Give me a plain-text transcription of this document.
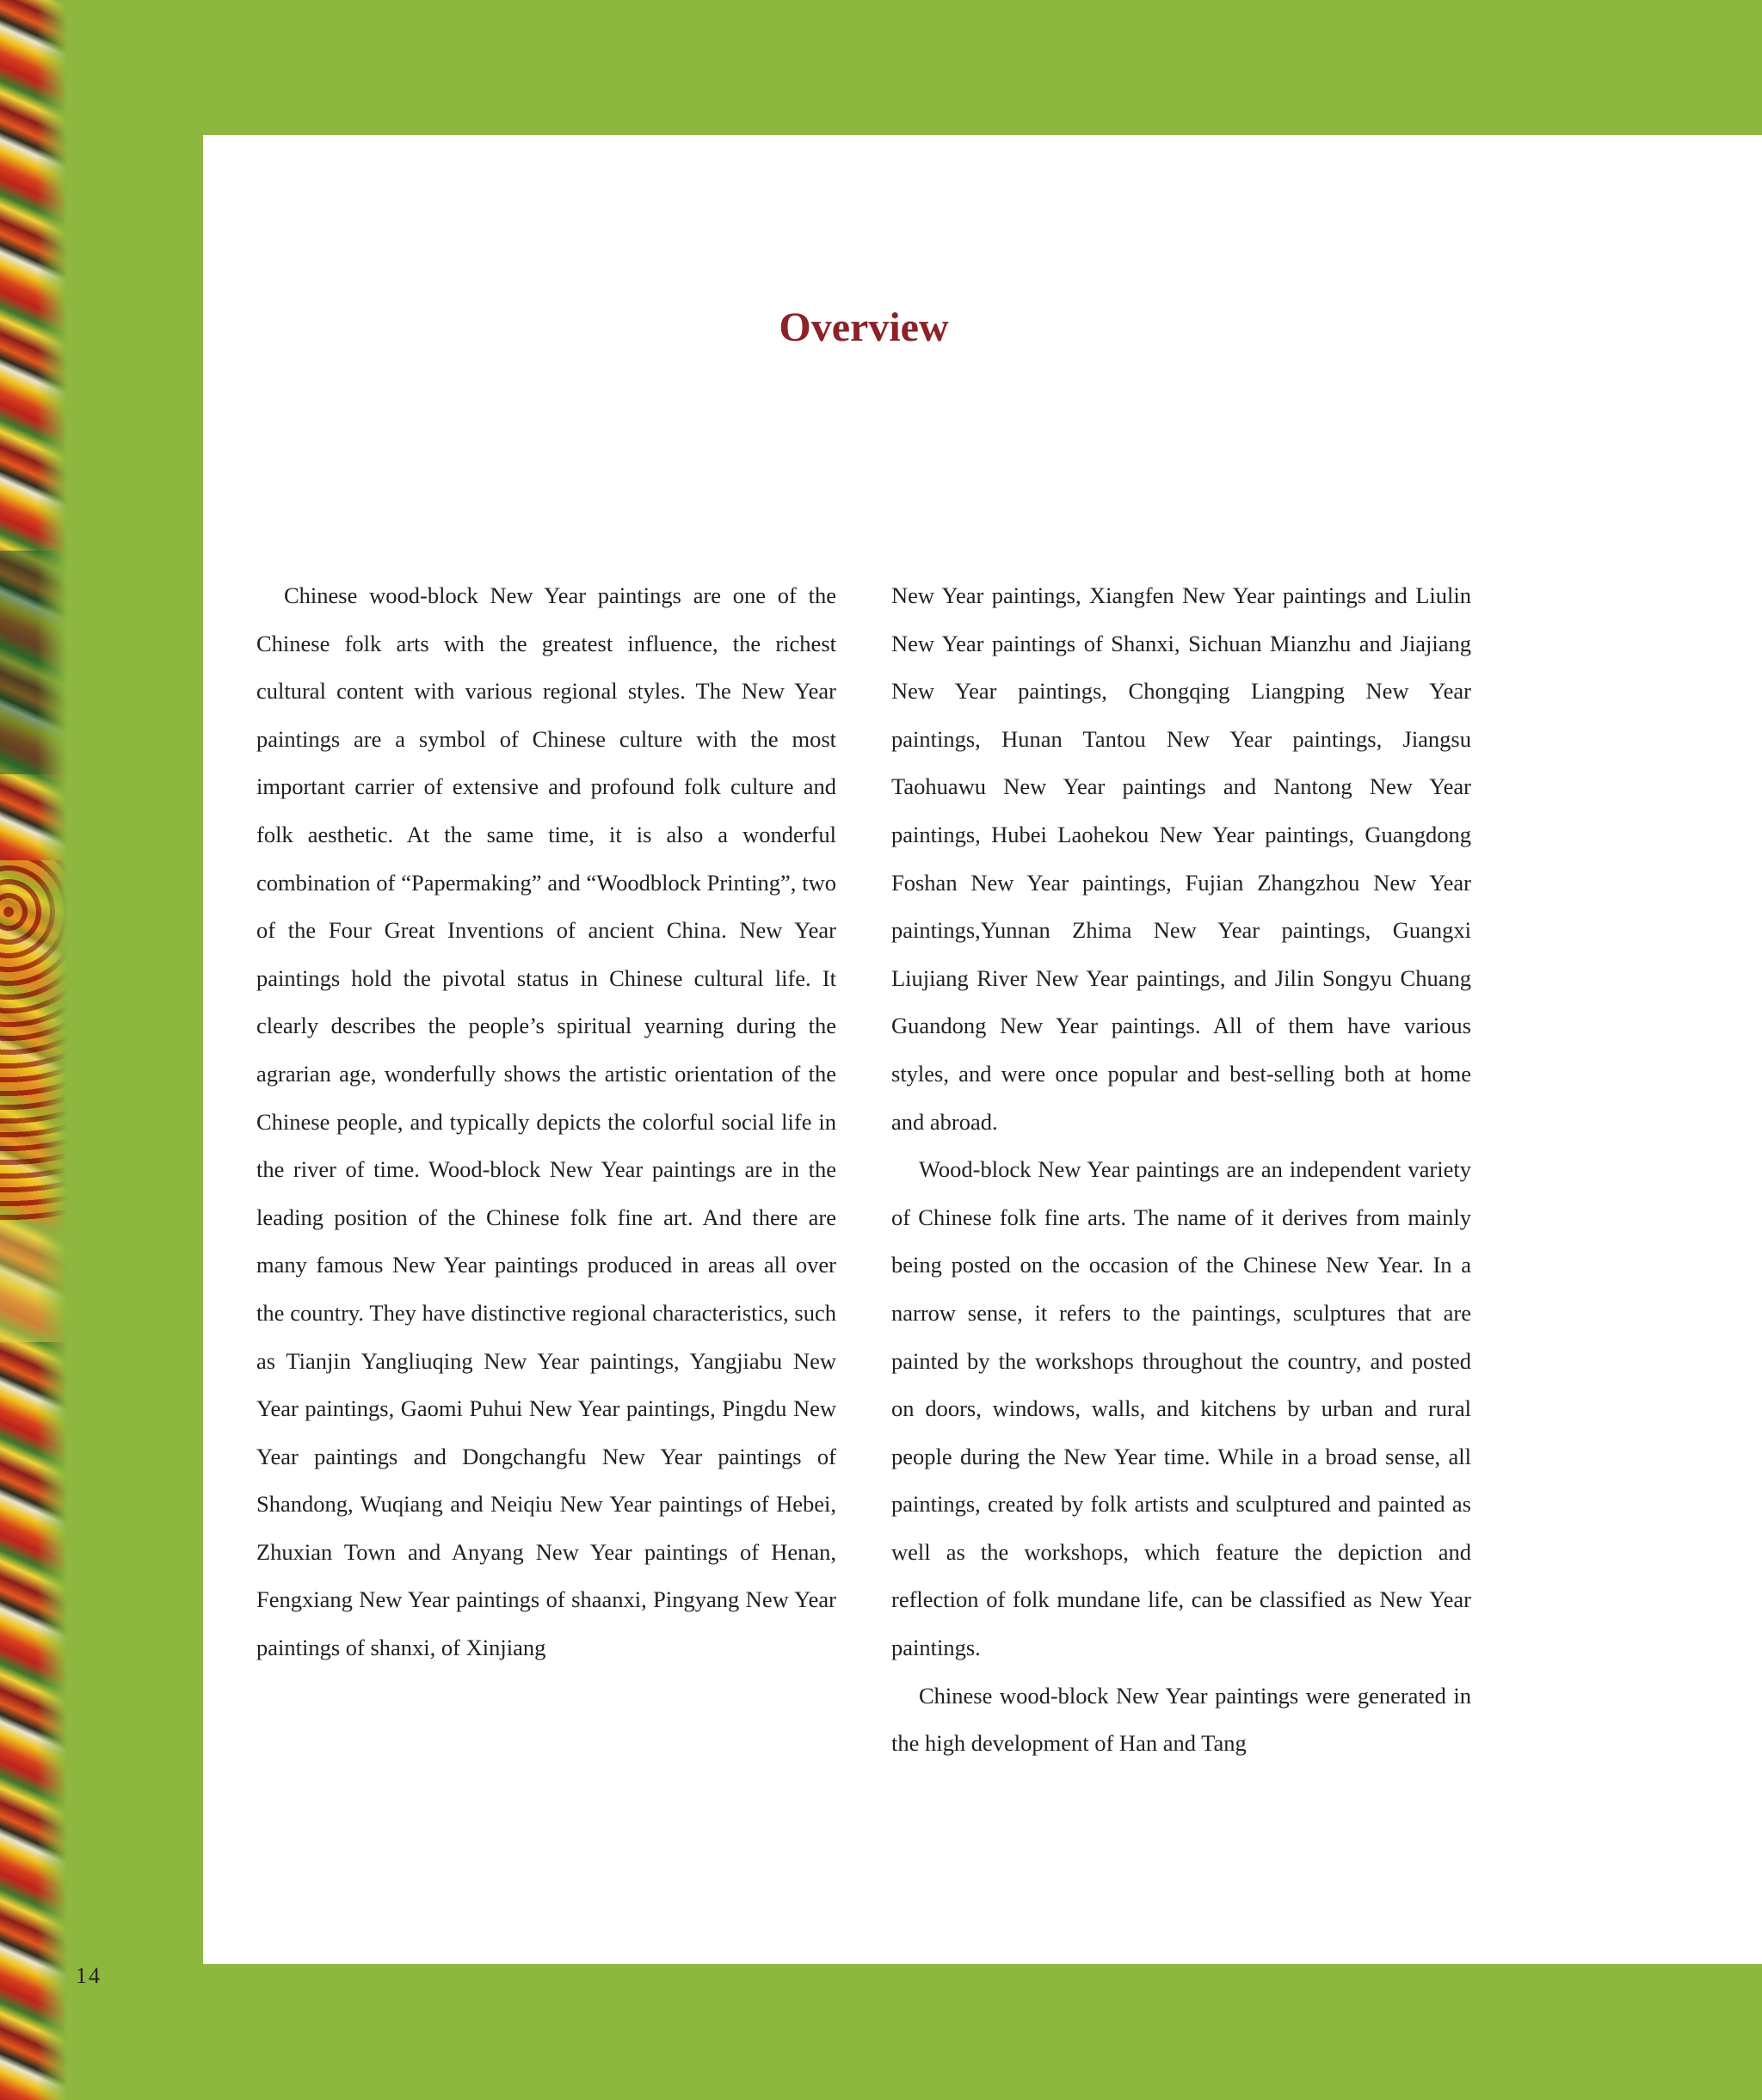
Overview

Chinese wood-block New Year paintings are one of the Chinese folk arts with the greatest influence, the richest cultural content with various regional styles. The New Year paintings are a symbol of Chinese culture with the most important carrier of extensive and profound folk culture and folk aesthetic. At the same time, it is also a wonderful combination of “Papermaking” and “Woodblock Printing”, two of the Four Great Inventions of ancient China. New Year paintings hold the pivotal status in Chinese cultural life. It clearly describes the people’s spiritual yearning during the agrarian age, wonderfully shows the artistic orientation of the Chinese people, and typically depicts the colorful social life in the river of time. Wood-block New Year paintings are in the leading position of the Chinese folk fine art. And there are many famous New Year paintings produced in areas all over the country. They have distinctive regional characteristics, such as Tianjin Yangliuqing New Year paintings, Yangjiabu New Year paintings, Gaomi Puhui New Year paintings, Pingdu New Year paintings and Dongchangfu New Year paintings of Shandong, Wuqiang and Neiqiu New Year paintings of Hebei, Zhuxian Town and Anyang New Year paintings of Henan, Fengxiang New Year paintings of shaanxi, Pingyang New Year paintings of shanxi, of Xinjiang

New Year paintings, Xiangfen New Year paintings and Liulin New Year paintings of Shanxi, Sichuan Mianzhu and Jiajiang New Year paintings, Chongqing Liangping New Year paintings, Hunan Tantou New Year paintings, Jiangsu Taohuawu New Year paintings and Nantong New Year paintings, Hubei Laohekou New Year paintings, Guangdong Foshan New Year paintings, Fujian Zhangzhou New Year paintings,Yunnan Zhima New Year paintings, Guangxi Liujiang River New Year paintings, and Jilin Songyu Chuang Guandong New Year paintings. All of them have various styles, and were once popular and best-selling both at home and abroad.

Wood-block New Year paintings are an independent variety of Chinese folk fine arts. The name of it derives from mainly being posted on the occasion of the Chinese New Year. In a narrow sense, it refers to the paintings, sculptures that are painted by the workshops throughout the country, and posted on doors, windows, walls, and kitchens by urban and rural people during the New Year time. While in a broad sense, all paintings, created by folk artists and sculptured and painted as well as the workshops, which feature the depiction and reflection of folk mundane life, can be classified as New Year paintings.

Chinese wood-block New Year paintings were generated in the high development of Han and Tang

14
